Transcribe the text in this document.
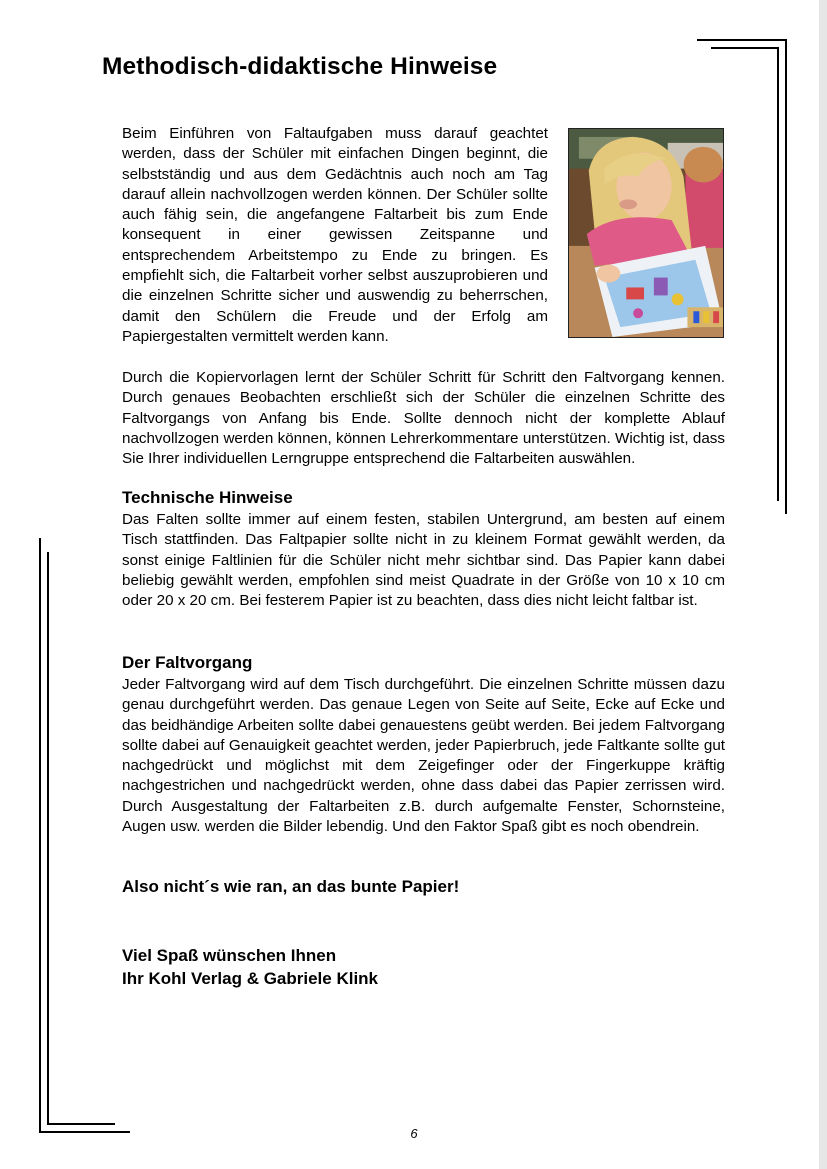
Methodisch-didaktische Hinweise

Beim Einführen von Faltaufgaben muss darauf geachtet werden, dass der Schüler mit einfachen Dingen beginnt, die selbstständig und aus dem Gedächtnis auch noch am Tag darauf allein nachvollzogen werden können. Der Schüler sollte auch fähig sein, die angefangene Faltarbeit bis zum Ende konsequent in einer gewissen Zeitspanne und entsprechendem Arbeitstempo zu Ende zu bringen. Es empfiehlt sich, die Faltarbeit vorher selbst auszuprobieren und die einzelnen Schritte sicher und auswendig zu beherrschen, damit den Schülern die Freude und der Erfolg am Papiergestalten vermittelt werden kann.

Durch die Kopiervorlagen lernt der Schüler Schritt für Schritt den Faltvorgang kennen. Durch genaues Beobachten erschließt sich der Schüler die einzelnen Schritte des Faltvorgangs von Anfang bis Ende. Sollte dennoch nicht der komplette Ablauf nachvollzogen werden können, können Lehrerkommentare unterstützen. Wichtig ist, dass Sie Ihrer individuellen Lerngruppe entsprechend die Faltarbeiten auswählen.

Technische Hinweise

Das Falten sollte immer auf einem festen, stabilen Untergrund, am besten auf einem Tisch stattfinden. Das Faltpapier sollte nicht in zu kleinem Format gewählt werden, da sonst einige Faltlinien für die Schüler nicht mehr sichtbar sind. Das Papier kann dabei beliebig gewählt werden, empfohlen sind meist Quadrate in der Größe von 10 x 10 cm oder 20 x 20 cm. Bei festerem Papier ist zu beachten, dass dies nicht leicht faltbar ist.

Der Faltvorgang

Jeder Faltvorgang wird auf dem Tisch durchgeführt. Die einzelnen Schritte müssen dazu genau durchgeführt werden. Das genaue Legen von Seite auf Seite, Ecke auf Ecke und das beidhändige Arbeiten sollte dabei genauestens geübt werden. Bei jedem Faltvorgang sollte dabei auf Genauigkeit geachtet werden, jeder Papierbruch, jede Faltkante sollte gut nachgedrückt und möglichst mit dem Zeigefinger oder der Fingerkuppe kräftig nachgestrichen und nachgedrückt werden, ohne dass dabei das Papier zerrissen wird. Durch Ausgestaltung der Faltarbeiten z.B. durch aufgemalte Fenster, Schornsteine, Augen usw. werden die Bilder lebendig. Und den Faktor Spaß gibt es noch obendrein.

Also nicht´s wie ran, an das bunte Papier!

Viel Spaß wünschen Ihnen

Ihr Kohl Verlag & Gabriele Klink

6
